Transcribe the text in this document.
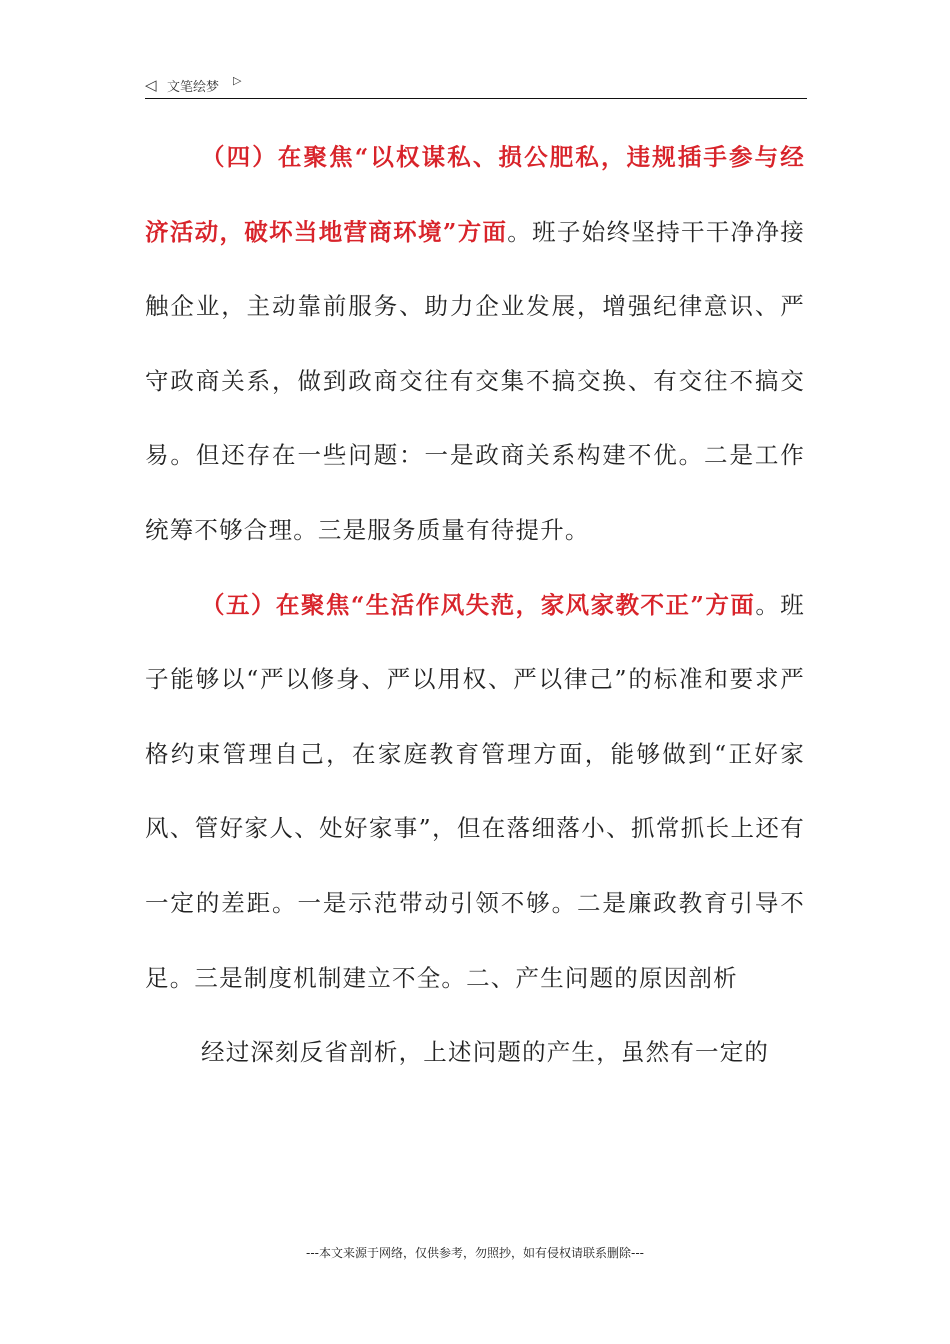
◁ 文笔绘梦 ▷

（四）在聚焦“以权谋私、损公肥私，违规插手参与经济活动，破坏当地营商环境”方面。班子始终坚持干干净净接触企业，主动靠前服务、助力企业发展，增强纪律意识、严守政商关系，做到政商交往有交集不搞交换、有交往不搞交易。但还存在一些问题：一是政商关系构建不优。二是工作统筹不够合理。三是服务质量有待提升。

（五）在聚焦“生活作风失范，家风家教不正”方面。班子能够以“严以修身、严以用权、严以律己”的标准和要求严格约束管理自己，在家庭教育管理方面，能够做到“正好家风、管好家人、处好家事”，但在落细落小、抓常抓长上还有一定的差距。一是示范带动引领不够。二是廉政教育引导不足。三是制度机制建立不全。二、产生问题的原因剖析

经过深刻反省剖析，上述问题的产生，虽然有一定的

---本文来源于网络，仅供参考，勿照抄，如有侵权请联系删除---
